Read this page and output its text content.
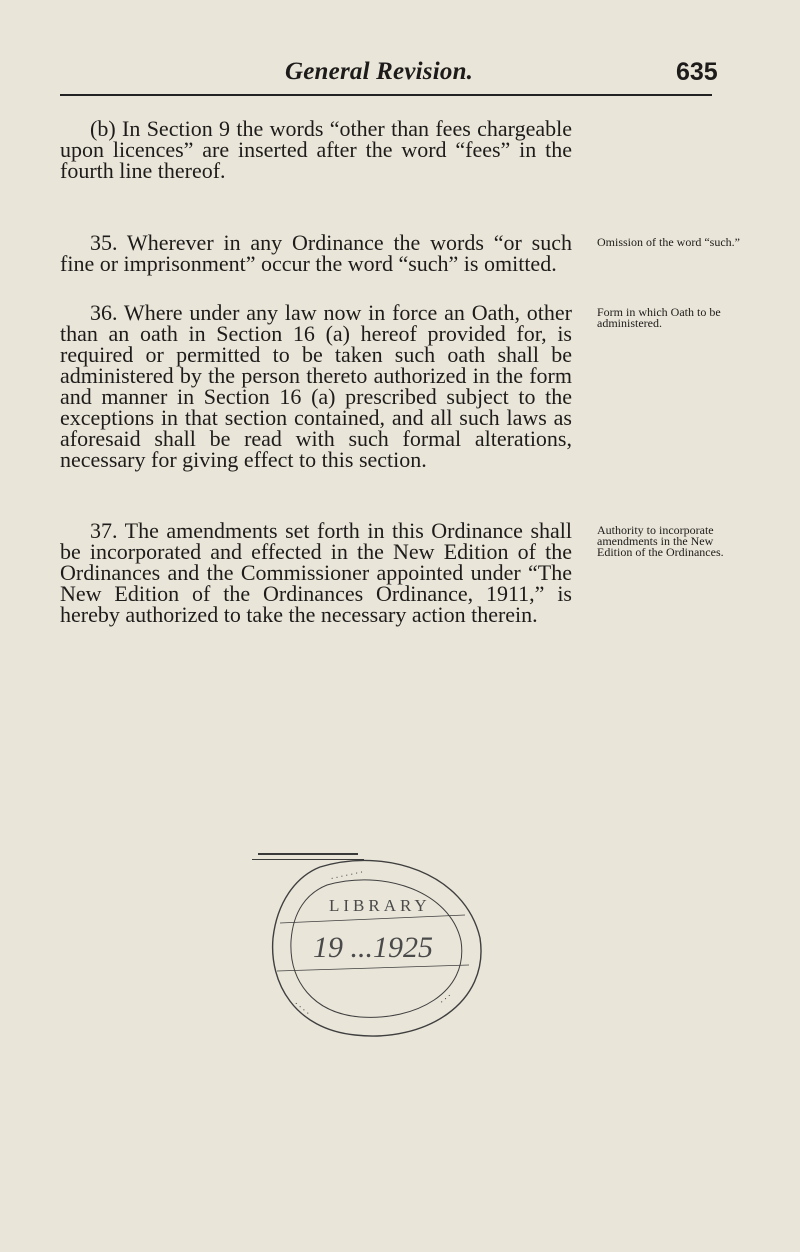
General Revision.	635
(b) In Section 9 the words “other than fees chargeable upon licences” are inserted after the word “fees” in the fourth line thereof.
35. Wherever in any Ordinance the words “or such fine or imprisonment” occur the word “such” is omitted.
36. Where under any law now in force an Oath, other than an oath in Section 16 (a) hereof provided for, is required or permitted to be taken such oath shall be administered by the person thereto authorized in the form and manner in Section 16 (a) prescribed subject to the exceptions in that section contained, and all such laws as aforesaid shall be read with such formal alterations, necessary for giving effect to this section.
37. The amendments set forth in this Ordinance shall be incorporated and effected in the New Edition of the Ordinances and the Commissioner appointed under “The New Edition of the Ordinances Ordinance, 1911,” is hereby authorized to take the necessary action therein.
Omission of the word “such.”
Form in which Oath to be administered.
Authority to incorporate amendments in the New Edition of the Ordinances.
LIBRARY
19 ...1925
. . . . . . .
. . . .	. . .
